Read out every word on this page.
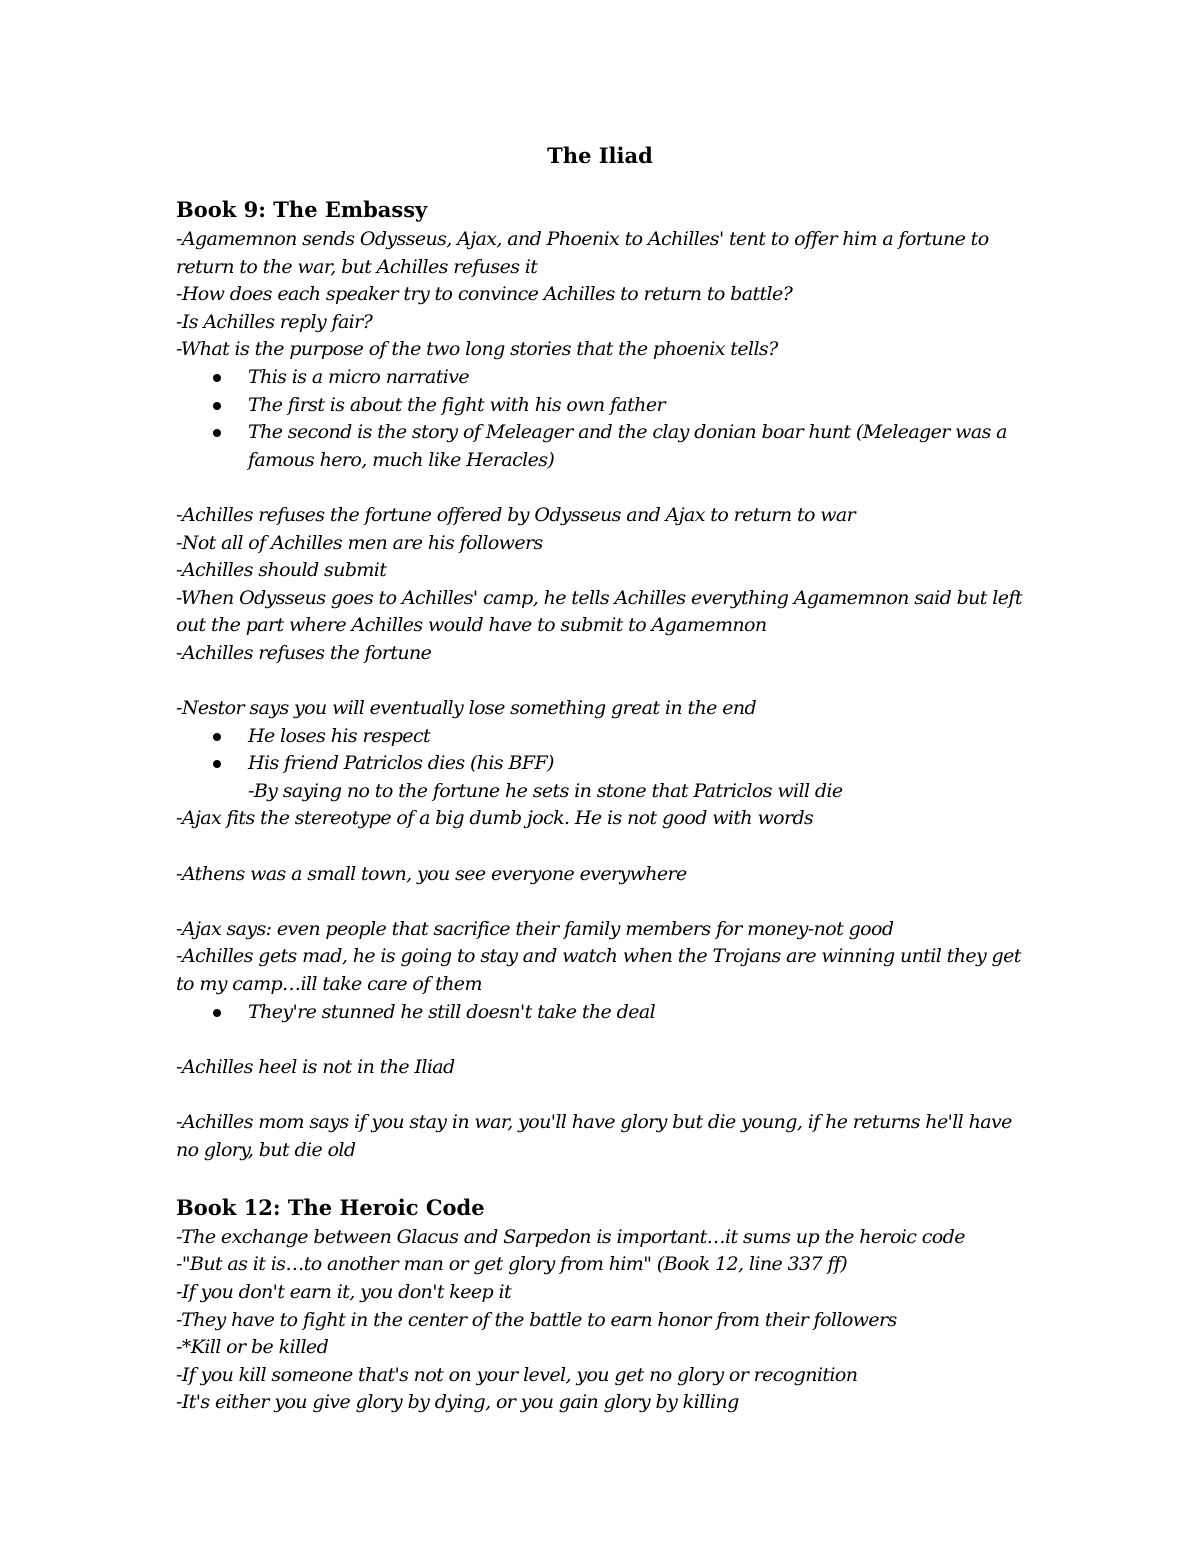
The Iliad
Book 9: The Embassy
-Agamemnon sends Odysseus, Ajax, and Phoenix to Achilles' tent to offer him a fortune to return to the war, but Achilles refuses it
-How does each speaker try to convince Achilles to return to battle?
-Is Achilles reply fair?
-What is the purpose of the two long stories that the phoenix tells?
This is a micro narrative
The first is about the fight with his own father
The second is the story of Meleager and the clay donian boar hunt (Meleager was a famous hero, much like Heracles)
-Achilles refuses the fortune offered by Odysseus and Ajax to return to war
-Not all of Achilles men are his followers
-Achilles should submit
-When Odysseus goes to Achilles' camp, he tells Achilles everything Agamemnon said but left out the part where Achilles would have to submit to Agamemnon
-Achilles refuses the fortune
-Nestor says you will eventually lose something great in the end
He loses his respect
His friend Patriclos dies (his BFF)
-By saying no to the fortune he sets in stone that Patriclos will die
-Ajax fits the stereotype of a big dumb jock. He is not good with words
-Athens was a small town, you see everyone everywhere
-Ajax says: even people that sacrifice their family members for money-not good
-Achilles gets mad, he is going to stay and watch when the Trojans are winning until they get to my camp…ill take care of them
They're stunned he still doesn't take the deal
-Achilles heel is not in the Iliad
-Achilles mom says if you stay in war, you'll have glory but die young, if he returns he'll have no glory, but die old
Book 12: The Heroic Code
-The exchange between Glacus and Sarpedon is important…it sums up the heroic code
-"But as it is…to another man or get glory from him" (Book 12, line 337 ff)
-If you don't earn it, you don't keep it
-They have to fight in the center of the battle to earn honor from their followers
-*Kill or be killed
-If you kill someone that's not on your level, you get no glory or recognition
-It's either you give glory by dying, or you gain glory by killing
